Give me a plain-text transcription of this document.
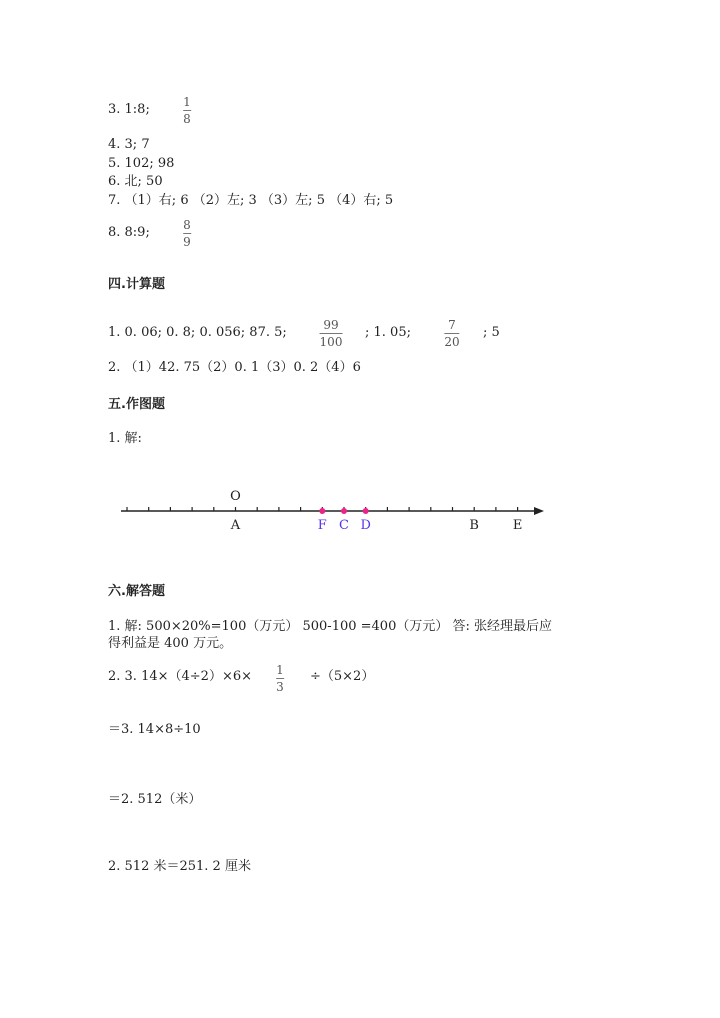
3. 1:8;	1
8
4. 3; 7
5. 102; 98
6. 北; 50
7. （1）右; 6 （2）左; 3 （3）左; 5 （4）右; 5
8. 8:9;	8
9
四.计算题
1. 0. 06; 0. 8; 0. 056; 87. 5;	99
100
; 1. 05;	7
20
; 5
2. （1）42. 75（2）0. 1（3）0. 2（4）6
五.作图题
1. 解:
O
A	F C D	B	E
六.解答题
1. 解: 500×20%=100（万元） 500-100 =400（万元） 答: 张经理最后应
得利益是 400 万元。
2. 3. 14×（4÷2）×6× 1
3
÷（5×2）
＝3. 14×8÷10
＝2. 512（米）
2. 512 米＝251. 2 厘米
